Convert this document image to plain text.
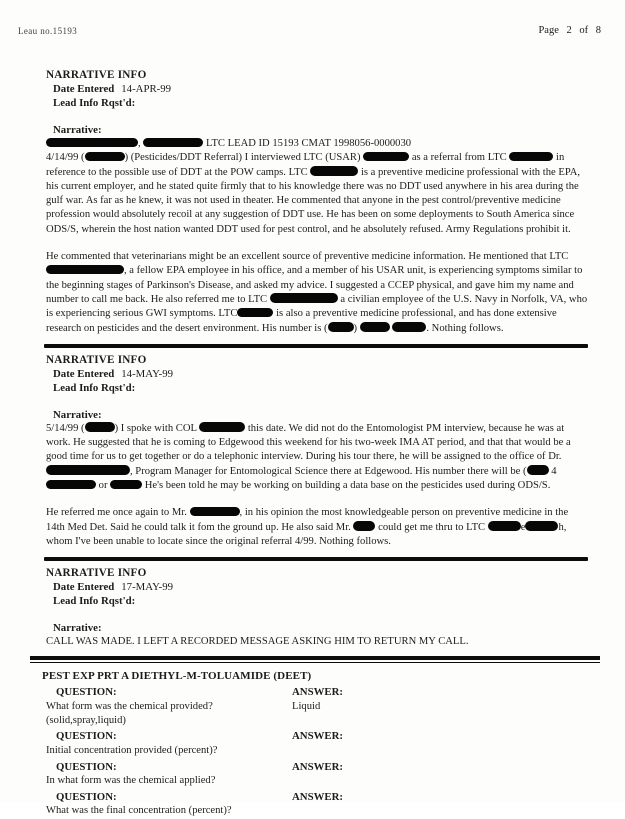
Leau no.15193	Page 2 of 8
NARRATIVE INFO
Date Entered 14-APR-99
Lead Info Rqst'd:
Narrative:

,	LTC LEAD ID 15193 CMAT 1998056-0000030

4/14/99 (	) (Pesticides/DDT Referral) I interviewed LTC (USAR)	as a referral from LTC	in reference to the possible use of DDT at the POW camps. LTC	is a preventive medicine professional with the EPA, his current employer, and he stated quite firmly that to his knowledge there was no DDT used anywhere in his area during the gulf war. As far as he knew, it was not used in theater. He commented that anyone in the pest control/preventive medicine profession would absolutely recoil at any suggestion of DDT use. He has been on some deployments to South America since ODS/S, wherein the host nation wanted DDT used for pest control, and he absolutely refused. Army Regulations prohibit it.

He commented that veterinarians might be an excellent source of preventive medicine information. He mentioned that LTC, a fellow EPA employee in his office, and a member of his USAR unit, is experiencing symptoms similar to the beginning stages of Parkinson's Disease, and asked my advice. I suggested a CCEP physical, and gave him my name and number to call me back. He also referred me to LTC	a civilian employee of the U.S. Navy in Norfolk, VA, who is experiencing serious GWI symptoms. LTC	is also a preventive medicine professional, and has done extensive research on pesticides and the desert environment. His number is ( )	. Nothing follows.

NARRATIVE INFO
Date Entered 14-MAY-99
Lead Info Rqst'd:
Narrative:

5/14/99 (	) I spoke with COL	this date. We did not do the Entomologist PM interview, because he was at work. He suggested that he is coming to Edgewood this weekend for his two-week IMA AT period, and that that would be a good time for us to get together or do a telephonic interview. During his tour there, he will be assigned to the office of Dr., Program Manager for Entomological Science there at Edgewood. His number there will be ( 4 or	He's been told he may be working on building a data base on the pesticides used during ODS/S.

He referred me once again to Mr.	, in his opinion the most knowledgeable person on preventive medicine in the 14th Med Det. Said he could talk it fom the ground up. He also said Mr.  could get me thru to LTC	e	h, whom I've been unable to locate since the original referral 4/99. Nothing follows.

NARRATIVE INFO
Date Entered 17-MAY-99
Lead Info Rqst'd:
Narrative:

CALL WAS MADE. I LEFT A RECORDED MESSAGE ASKING HIM TO RETURN MY CALL.

PEST EXP PRT A DIETHYL-M-TOLUAMIDE (DEET)
QUESTION:
What form was the chemical provided?(solid,spray,liquid)
ANSWER:
Liquid
QUESTION:
Initial concentration provided (percent)?
ANSWER:
QUESTION:
In what form was the chemical applied?
ANSWER:
QUESTION:
What was the final concentration (percent)?
ANSWER:
